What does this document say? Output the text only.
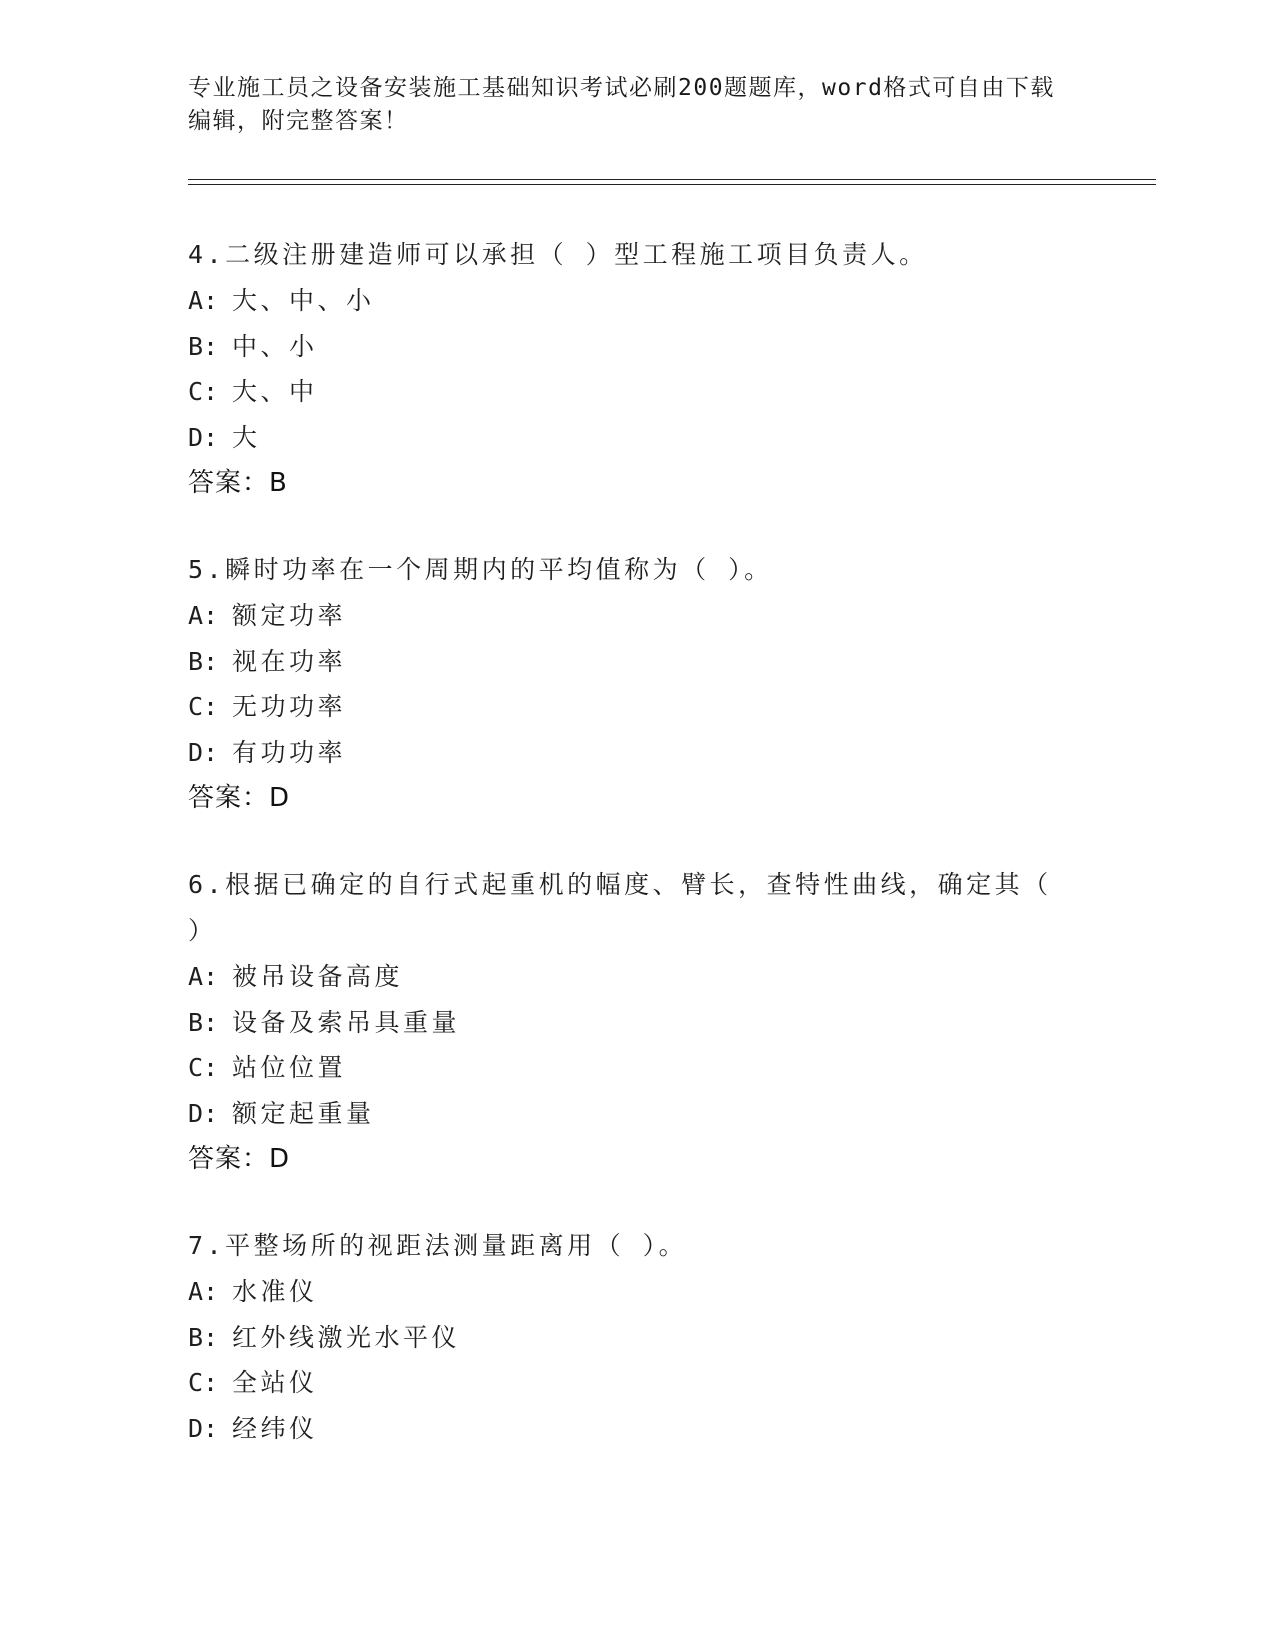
专业施工员之设备安装施工基础知识考试必刷200题题库，word格式可自由下载
编辑，附完整答案！

4.二级注册建造师可以承担（ ）型工程施工项目负责人。

A: 大、中、小

B: 中、小

C: 大、中

D: 大

答案：B

5.瞬时功率在一个周期内的平均值称为（ ）。

A: 额定功率

B: 视在功率

C: 无功功率

D: 有功功率

答案：D

6.根据已确定的自行式起重机的幅度、臂长，查特性曲线，确定其（ ）

A: 被吊设备高度

B: 设备及索吊具重量

C: 站位位置

D: 额定起重量

答案：D

7.平整场所的视距法测量距离用（ ）。

A: 水准仪

B: 红外线激光水平仪

C: 全站仪

D: 经纬仪
